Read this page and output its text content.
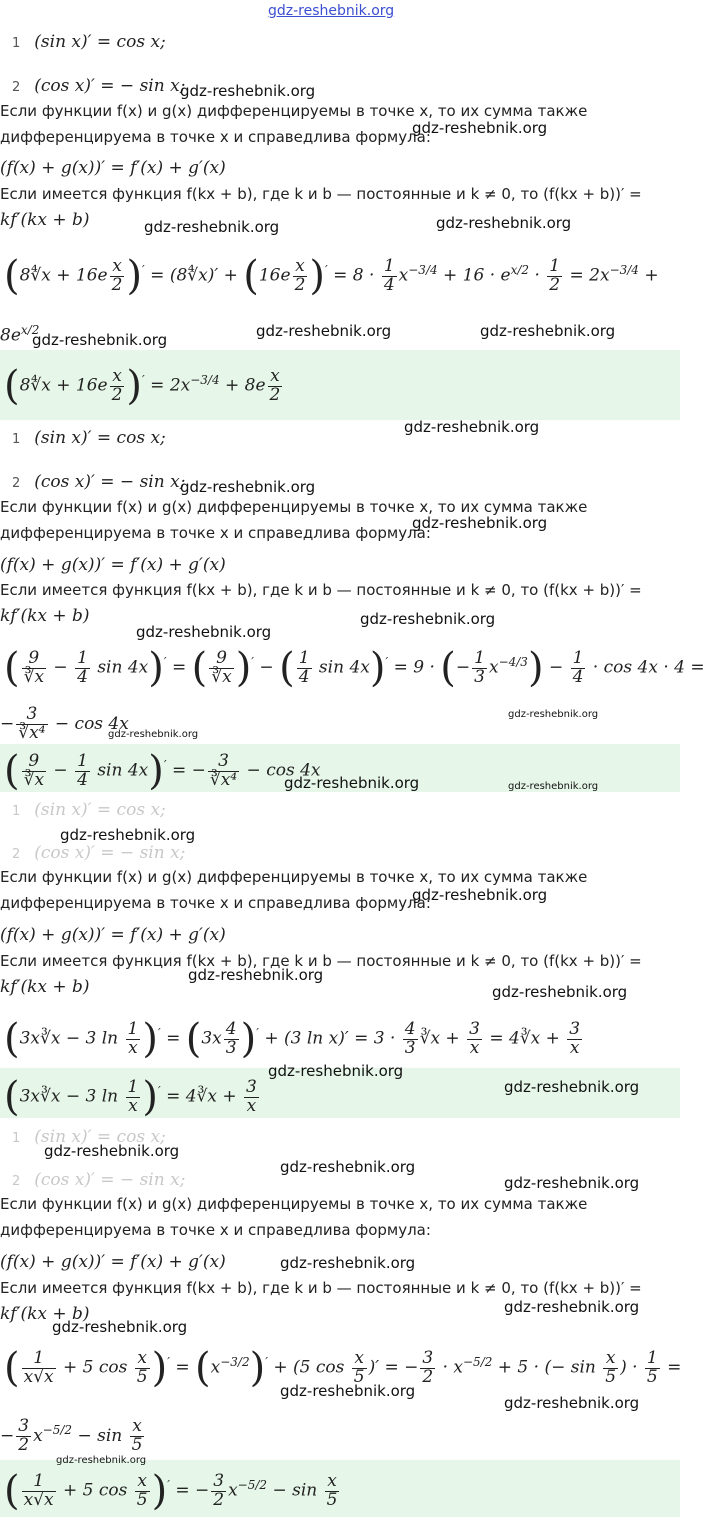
gdz-reshebnik.org
1 (sin x)′ = cos x;
2 (cos x)′ = − sin x;
Если функции f(x) и g(x) дифференцируемы в точке x, то их сумма также
дифференцируема в точке x и справедлива формула:
(f(x) + g(x))′ = f′(x) + g′(x)
Если имеется функция f(kx + b), где k и b — постоянные и k ≠ 0, то (f(kx + b))′ =
kf′(kx + b)
(8∜x + $16e \frac{x}{2} )'$ = (8∜x)′ + $(16e \frac{x}{2} )' = 8 \cdot \frac{1}{4} x^{-3/4} + 16 \cdot e^{x/2} \cdot \frac{1}{2} = 2x^{-3/4}$ +
$8e^{x/2}$
(8∜x + $16e \frac{x}{2} )' = 2x^{-3/4} + 8e \frac{x}{2}$
1 (sin x)′ = cos x;
2 (cos x)′ = − sin x;
Если функции f(x) и g(x) дифференцируемы в точке x, то их сумма также
дифференцируема в точке x и справедлива формула:
(f(x) + g(x))′ = f′(x) + g′(x)
Если имеется функция f(kx + b), где k и b — постоянные и k ≠ 0, то (f(kx + b))′ =
kf′(kx + b)
( $\frac{9}{∛x} - \frac{1}{4}$ sin 4x)′ = ( $\frac{9}{∛x} )'$ − ( $\frac{1}{4}$ sin 4x)′ = 9 · (− $\frac{1}{3} x^{-4/3}) - \frac{1}{4} \cdot \cos 4x \cdot 4$ =
− $\frac{3}{\text{∛x⁴}} - \cos 4x$
( $\frac{9}{∛x} - \frac{1}{4}$ sin 4x)′ = − $\frac{3}{\text{∛x⁴}} - \cos 4x$
1 (sin x)′ = cos x;
2 (cos x)′ = − sin x;
Если функции f(x) и g(x) дифференцируемы в точке x, то их сумма также
дифференцируема в точке x и справедлива формула:
(f(x) + g(x))′ = f′(x) + g′(x)
Если имеется функция f(kx + b), где k и b — постоянные и k ≠ 0, то (f(kx + b))′ =
kf′(kx + b)
(3x∛x − 3 $\ln \frac{1}{x} )' = (3x \frac{4}{3} )' + (3$ $\ln x)' = 3 \cdot \frac{4}{3}$ ∛x + $\frac{3}{x}$ = 4∛x + $\frac{3}{x}$
(3x∛x − 3 $\ln \frac{1}{x} )'$ = 4∛x + $\frac{3}{x}$
1 (sin x)′ = cos x;
2 (cos x)′ = − sin x;
Если функции f(x) и g(x) дифференцируемы в точке x, то их сумма также
дифференцируема в точке x и справедлива формула:
(f(x) + g(x))′ = f′(x) + g′(x)
Если имеется функция f(kx + b), где k и b — постоянные и k ≠ 0, то (f(kx + b))′ =
kf′(kx + b)
( $\frac{1}{x√x} + 5$ $\cos \frac{x}{5} )' = (x^{-3/2})' + (5$ $\cos \frac{x}{5}$ )′ = − $\frac{3}{2} \cdot x^{-5/2} + 5$ · (− $\sin \frac{x}{5}$ ) · $\frac{1}{5}$ =
− $\frac{3}{2} x^{-5/2} - \sin \frac{x}{5}$
( $\frac{1}{x√x} + 5$ $\cos \frac{x}{5} )'$ = − $\frac{3}{2} x^{-5/2} - \sin \frac{x}{5}$
gdz-reshebnik.org
gdz-reshebnik.org
gdz-reshebnik.org	gdz-reshebnik.org
gdz-reshebnik.org	gdz-reshebnik.org	gdz-reshebnik.org
gdz-reshebnik.org
gdz-reshebnik.org
gdz-reshebnik.org
gdz-reshebnik.org
gdz-reshebnik.org
gdz-reshebnik.org
gdz-reshebnik.org
gdz-reshebnik.org	gdz-reshebnik.org
gdz-reshebnik.org
gdz-reshebnik.org
gdz-reshebnik.org
gdz-reshebnik.org
gdz-reshebnik.org
gdz-reshebnik.org
gdz-reshebnik.org
gdz-reshebnik.org
gdz-reshebnik.org
gdz-reshebnik.org
gdz-reshebnik.org
gdz-reshebnik.org
gdz-reshebnik.org
gdz-reshebnik.org
gdz-reshebnik.org
